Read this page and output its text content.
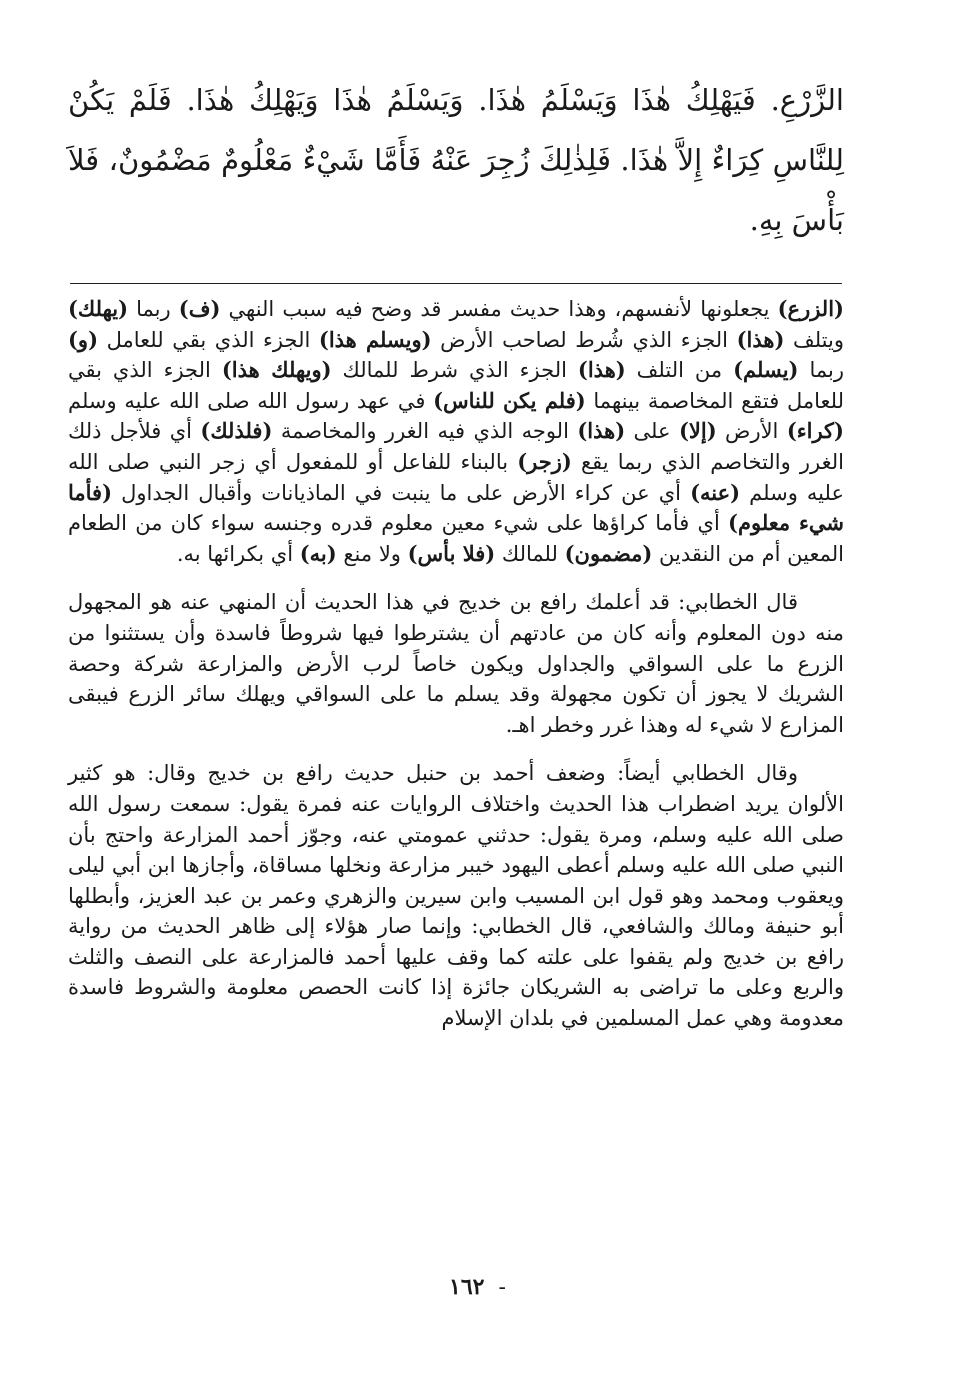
الزَّرْعِ. فَيَهْلِكُ هٰذَا وَيَسْلَمُ هٰذَا. وَيَسْلَمُ هٰذَا وَيَهْلِكُ هٰذَا. فَلَمْ يَكُنْ لِلنَّاسِ كِرَاءٌ إِلاَّ هٰذَا. فَلِذٰلِكَ زُجِرَ عَنْهُ فَأَمَّا شَيْءٌ مَعْلُومٌ مَضْمُونٌ، فَلاَ بَأْسَ بِهِ.

(الزرع) يجعلونها لأنفسهم، وهذا حديث مفسر قد وضح فيه سبب النهي (ف) ربما (يهلك) ويتلف (هذا) الجزء الذي شُرط لصاحب الأرض (ويسلم هذا) الجزء الذي بقي للعامل (و) ربما (يسلم) من التلف (هذا) الجزء الذي شرط للمالك (ويهلك هذا) الجزء الذي بقي للعامل فتقع المخاصمة بينهما (فلم يكن للناس) في عهد رسول الله صلى الله عليه وسلم (كراء) الأرض (إلا) على (هذا) الوجه الذي فيه الغرر والمخاصمة (فلذلك) أي فلأجل ذلك الغرر والتخاصم الذي ربما يقع (زجر) بالبناء للفاعل أو للمفعول أي زجر النبي صلى الله عليه وسلم (عنه) أي عن كراء الأرض على ما ينبت في الماذيانات وأقبال الجداول (فأما شيء معلوم) أي فأما كراؤها على شيء معين معلوم قدره وجنسه سواء كان من الطعام المعين أم من النقدين (مضمون) للمالك (فلا بأس) ولا منع (به) أي بكرائها به.

قال الخطابي: قد أعلمك رافع بن خديج في هذا الحديث أن المنهي عنه هو المجهول منه دون المعلوم وأنه كان من عادتهم أن يشترطوا فيها شروطاً فاسدة وأن يستثنوا من الزرع ما على السواقي والجداول ويكون خاصاً لرب الأرض والمزارعة شركة وحصة الشريك لا يجوز أن تكون مجهولة وقد يسلم ما على السواقي ويهلك سائر الزرع فيبقى المزارع لا شيء له وهذا غرر وخطر اهـ.

وقال الخطابي أيضاً: وضعف أحمد بن حنبل حديث رافع بن خديج وقال: هو كثير الألوان يريد اضطراب هذا الحديث واختلاف الروايات عنه فمرة يقول: سمعت رسول الله صلى الله عليه وسلم، ومرة يقول: حدثني عمومتي عنه، وجوّز أحمد المزارعة واحتج بأن النبي صلى الله عليه وسلم أعطى اليهود خيبر مزارعة ونخلها مساقاة، وأجازها ابن أبي ليلى ويعقوب ومحمد وهو قول ابن المسيب وابن سيرين والزهري وعمر بن عبد العزيز، وأبطلها أبو حنيفة ومالك والشافعي، قال الخطابي: وإنما صار هؤلاء إلى ظاهر الحديث من رواية رافع بن خديج ولم يقفوا على علته كما وقف عليها أحمد فالمزارعة على النصف والثلث والربع وعلى ما تراضى به الشريكان جائزة إذا كانت الحصص معلومة والشروط فاسدة معدومة وهي عمل المسلمين في بلدان الإسلام

-١٦٢
